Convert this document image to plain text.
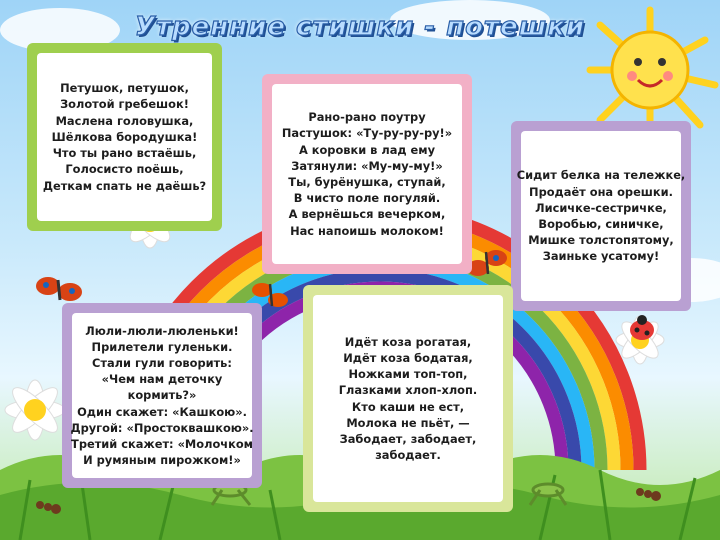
Утренние стишки - потешки
Петушок, петушок,
Золотой гребешок!
Маслена головушка,
Шёлкова бородушка!
Что ты рано встаёшь,
Голосисто поёшь,
Деткам спать не даёшь?
Рано-рано поутру
Пастушок: «Ту-ру-ру-ру!»
А коровки в лад ему
Затянули: «Му-му-му!»
Ты, бурёнушка, ступай,
В чисто поле погуляй.
А вернёшься вечерком,
Нас напоишь молоком!
Сидит белка на тележке,
Продаёт она орешки.
Лисичке-сестричке,
Воробью, синичке,
Мишке толстопятому,
Заиньке усатому!
Люли-люли-люленьки!
Прилетели гуленьки.
Стали гули говорить:
«Чем нам деточку
кормить?»
Один скажет: «Кашкою».
Другой: «Простоквашкою».
Третий скажет: «Молочком
И румяным пирожком!»
Идёт коза рогатая,
Идёт коза бодатая,
Ножками топ-топ,
Глазками хлоп-хлоп.
Кто каши не ест,
Молока не пьёт, —
Забодает, забодает,
забодает.
